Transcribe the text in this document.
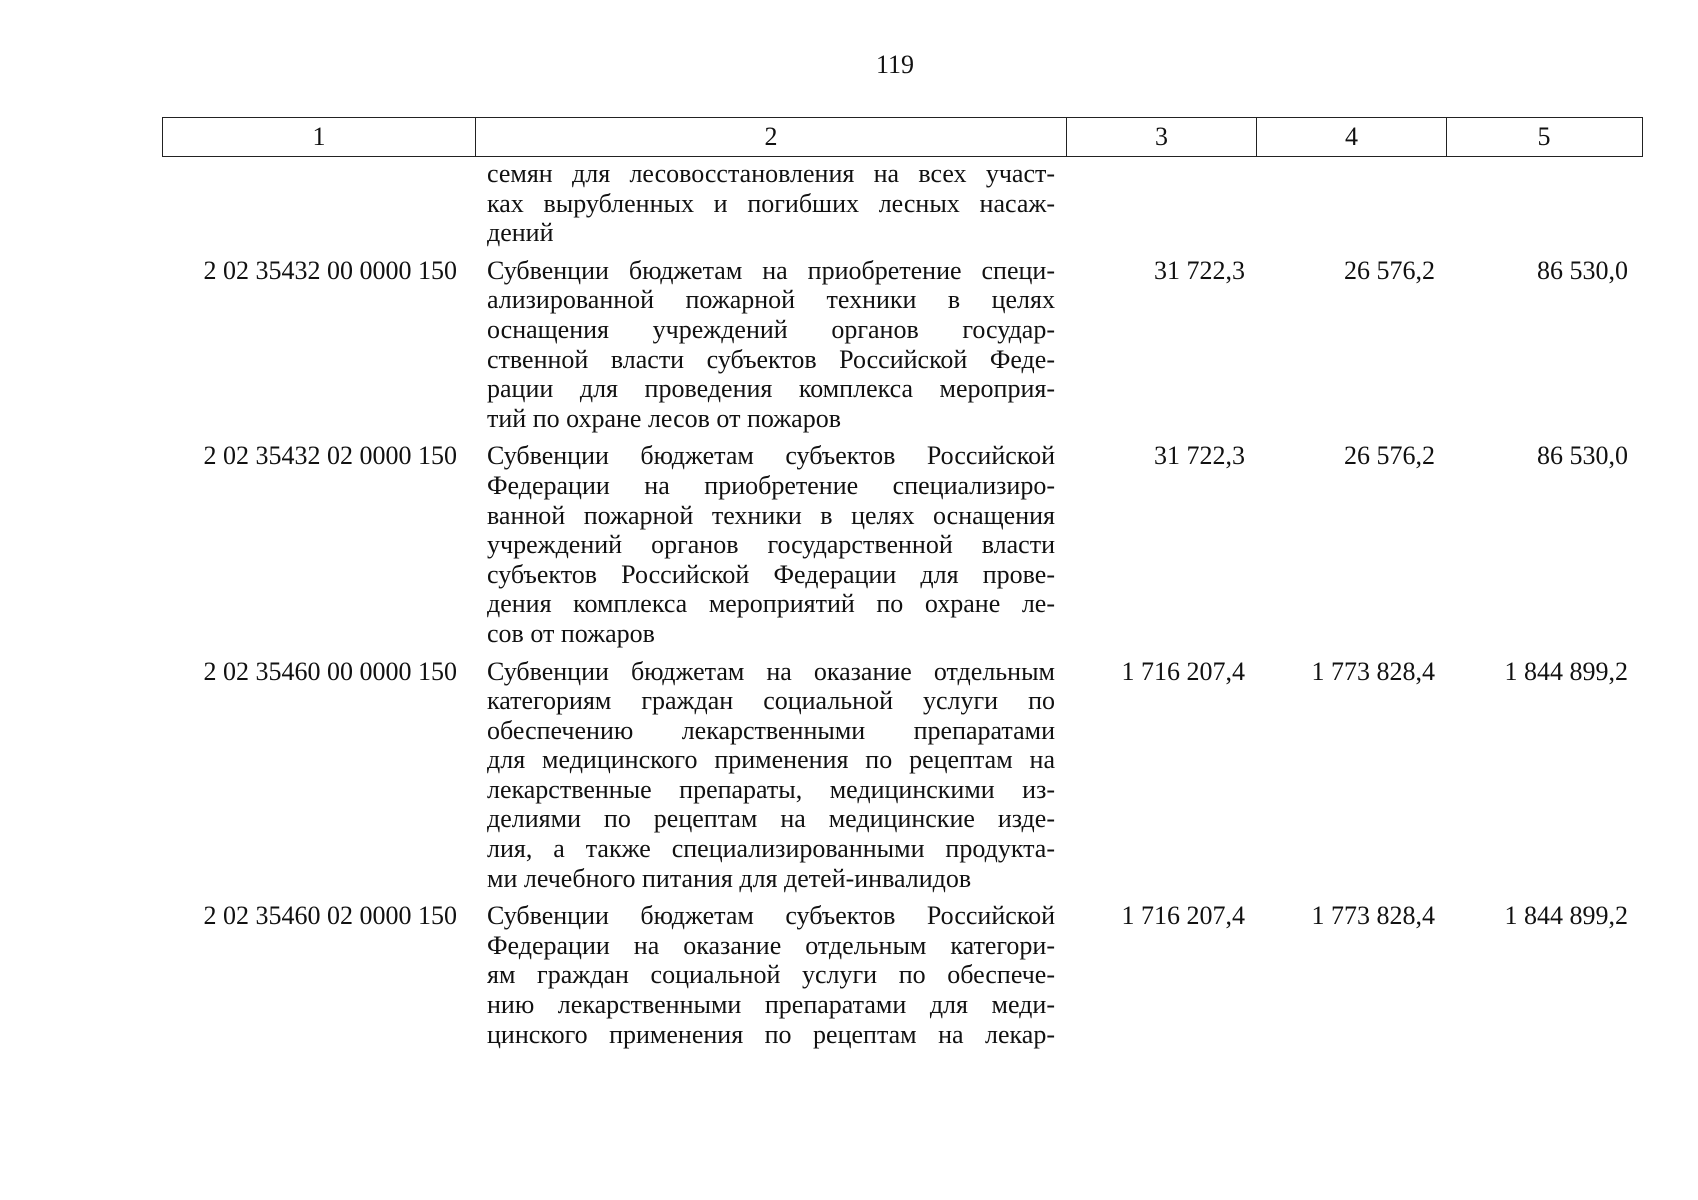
119
1	2	3	4	5
семян для лесовосстановления на всех участ-
ках вырубленных и погибших лесных насаж-
дений
2 02 35432 00 0000 150	Субвенции бюджетам на приобретение специ-
ализированной пожарной техники в целях
оснащения учреждений органов государ-
ственной власти субъектов Российской Феде-
рации для проведения комплекса мероприя-
тий по охране лесов от пожаров
31 722,3	26 576,2	86 530,0
2 02 35432 02 0000 150	Субвенции бюджетам субъектов Российской
Федерации на приобретение специализиро-
ванной пожарной техники в целях оснащения
учреждений органов государственной власти
субъектов Российской Федерации для прове-
дения комплекса мероприятий по охране ле-
сов от пожаров
31 722,3	26 576,2	86 530,0
2 02 35460 00 0000 150	Субвенции бюджетам на оказание отдельным
категориям граждан социальной услуги по
обеспечению лекарственными препаратами
для медицинского применения по рецептам на
лекарственные препараты, медицинскими из-
делиями по рецептам на медицинские изде-
лия, а также специализированными продукта-
ми лечебного питания для детей-инвалидов
1 716 207,4	1 773 828,4	1 844 899,2
2 02 35460 02 0000 150	Субвенции бюджетам субъектов Российской
Федерации на оказание отдельным категори-
ям граждан социальной услуги по обеспече-
нию лекарственными препаратами для меди-
цинского применения по рецептам на лекар-
1 716 207,4	1 773 828,4	1 844 899,2
